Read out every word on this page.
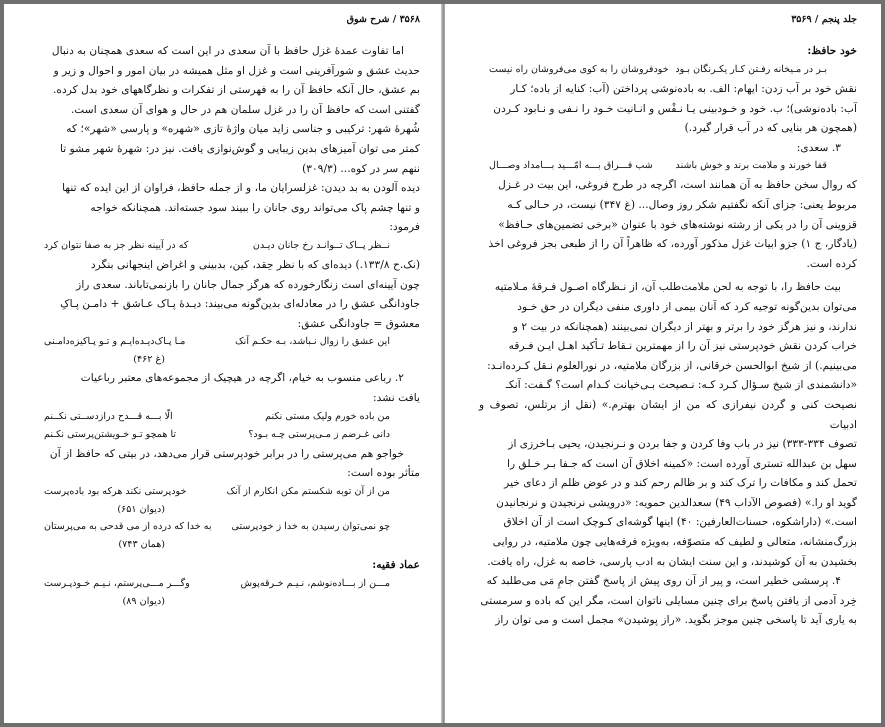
۳۵۶۸ / شرح شوق

اما تفاوت عمدهٔ غزل حافظ با آن سعدی در این است که سعدی همچنان به دنبال

حدیث عشق و شورآفرینی است و غزل او مثل همیشه در بیان امور و احوال و زیر و

بم عشق، حال آنکه حافظ آن را به فهرستی از تفکرات و نظرگاههای خود بدل کرده.

گفتنی است که حافظ آن را در غزل سلمان هم در حال و هوای آن سعدی است.

شُهرهٔ شهر: ترکیبی و جناسی زاید میان واژهٔ تازی «شهره» و پارسی «شهر»؛ که

کمتر می توان آمیزهای بدین زیبایی و گوش‌نوازی یافت. نیز در: شهرهٔ شهر مشو تا

ننهم سر در کوه... (۳۰۹/۳)

دیده آلودن به بد دیدن: غزلسرایان ما، و از جمله حافظ، فراوان از این ایده که تنها

و تنها چشم پاک می‌تواند روی جانان را ببیند سود جسته‌اند. همچنانکه خواجه

فرمود:

نــظر پــاک تــوانـد رخ جانان دیـدن
که در آیینه نظر جز به صفا نتوان کرد

(نک.ح ۱۳۳/۸.) دیده‌ای که با نظر حِقد، کین، بدبینی و اغراض اینجهانی بنگرد

چون آیینه‌ای است زنگارخورده که هرگز جمال جانان را بازنمی‌تاباند. سعدی راز

جاودانگی عشق را در معادله‌ای بدین‌گونه می‌بیند: دیـدهٔ پـاک عـاشق + دامـن پـاکِ

معشوق = جاودانگی عشق:

این عشق را زوال نـباشد، بـه حکـم آنک
مـا پـاک‌دیـده‌ایـم و تـو پـاکیزه‌دامـنی
(غ ۴۶۲)

۲. رباعی منسوب به خیام، اگرچه در هیچیک از مجموعه‌های معتبر رباعیات

یافت نشد:

من باده خورم ولیک مستی نکنم
الّا بـــه قـــدح درازدســتی نکــنم
دانی غـرضم ز مـی‌پرستی چـه بـود؟
تا همچو تـو خـویشتن‌پرستی نکـنم

خواجو هم می‌پرستی را در برابر خودپرستی قرار می‌دهد، در بیتی که حافظ از آن

متأثر بوده است:

من از آن توبه شکستم مکن انکارم از آنک
خودپرستی نکند هرکه بود باده‌پرست
(دیوان ۶۵۱)
چو نمی‌توان رسیدن به خدا ز خودپرستی
به خدا که درده از می قدحی به می‌پرستان
(همان ۷۴۳)
عماد فقیه:
مـــن از بـــاده‌نوشم، نـیـم خـرقه‌پوش
وگـــر مـــی‌پرستم، نـیـم خـودپـرست
(دیوان ۸۹)
جلد پنجم / ۳۵۶۹
خود حافظ:
بـر در مـیخانه رفـتن کـار یکـرنگان بـود
خودفروشان را به کوی می‌فروشان راه نیست

نقش خود بر آب زدن: ایهام: الف. به باده‌نوشی پرداختن (آب: کنایه از باده؛ کـار

آب: باده‌نوشی)؛ ب. خود و خـودبینی یـا نـفْس و انـانیت خـود را نـفی و نـابود کـردن

(همچون هر بنایی که در آب قرار گیرد.)

۳. سعدی:

قفا خورند و ملامت برند و خوش باشند
شب فـــراق بـــه امّـــید بـــامداد وصـــال

که روال سخن حافظ به آن همانند است، اگرچه در طرح فروغی، این بیت در غـزل

مربوط یعنی: جزای آنکه نگفتیم شکر روز وصال... (غ ۳۴۷) نیست، در حـالی کـه

قزوینی آن را در یکی از رشته نوشته‌های خود با عنوان «برخی تضمین‌های حـافظ»

(یادگار، ج ۱) جزو ابیات غزل مذکور آورده، که ظاهراً آن را از طبعی بجز فروغی اخذ

کرده است.

بیت حافظ را، با توجه به لحن ملامت‌طلب آن، از نـظرگاه اصـول فـرقهٔ مـلامتیه

می‌توان بدین‌گونه توجیه کرد که آنان بیمی از داوری منفی دیگران در حق خـود

ندارند، و نیز هرگز خود را برتر و بهتر از دیگران نمی‌بینند (همچنانکه در بیت ۲ و

خراب کردن نقش خودپرستی نیز آن را از مهمترین نـقاط تـأکید اهـل ایـن فـرقه

می‌بینیم.) از شیخ ابوالحسن خرقانی، از بزرگان ملامتیه، در نورالعلوم نـقل کـرده‌انـد:

«دانشمندی از شیخ سـؤال کـرد کـه: نـصیحت بـی‌خیانت کـدام است؟ گـفت: آنکـ

نصیحت کنی و گردن نیفرازی که من از ایشان بهترم.» (نقل از برتلس، تصوف و ادبیات

تصوف ۳۳۴-۳۳۳) نیز در باب وفا کردن و جفا بردن و نـرنجیدن، یحیی بـاخرزی از

سهل بن عبدالله تستری آورده است: «کمینه اخلاق آن است که جـفا بـر خـلق را

تحمل کند و مکافات را ترک کند و بر ظالم رحم کند و در عوض ظلم از دعای خیر

گوید او را.» (فصوص الآداب ۴۹) سعدالدین حمویه: «درویشی نرنجیدن و نرنجانیدن

است.» (داراشکوه، حسنات‌العارفین: ۴۰) اینها گوشه‌ای کـوچک است از آن اخلاق

بزرگ‌منشانه، متعالی و لطیف که متصوّفه، به‌ویژه فرقه‌هایی چون ملامتیه، در روایی

بخشیدن به آن کوشیدند، و این سنت ایشان به ادب پارسی، خاصه به غزل، راه یافت.

۴. پرسشی خطیر است، و پیر از آن روی پیش از پاسخ گفتن جامِ مَی می‌طلبد که

خِرد آدمی از یافتن پاسخ برای چنین مسایلی ناتوان است، مگر این که باده و سرمستی

به یاری آید تا پاسخی چنین موجز بگوید. «راز پوشیدن» مجمل است و می‌ توان راز
